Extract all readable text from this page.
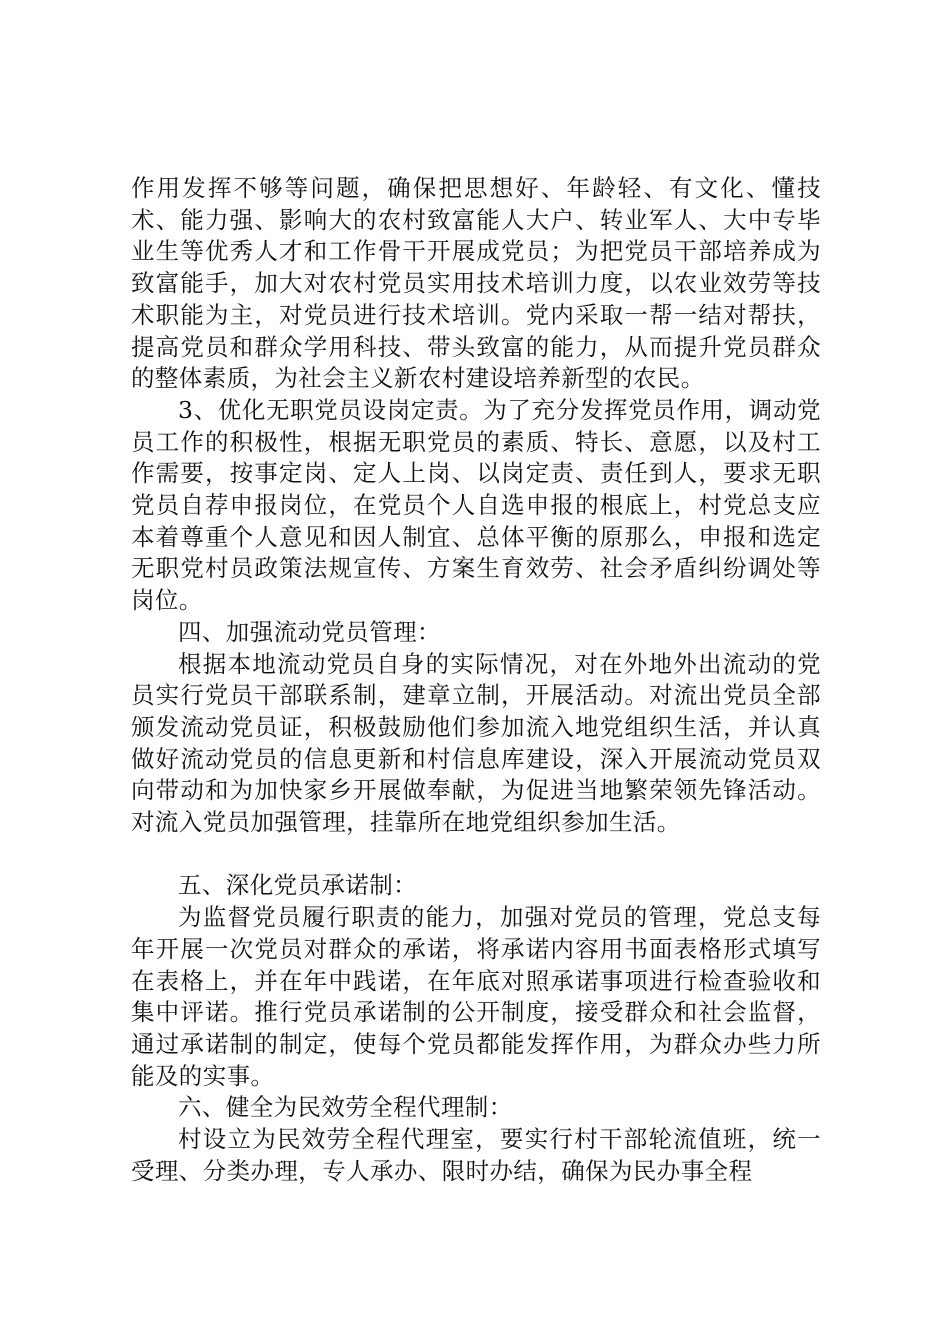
作用发挥不够等问题，确保把思想好、年龄轻、有文化、懂技术、能力强、影响大的农村致富能人大户、转业军人、大中专毕业生等优秀人才和工作骨干开展成党员；为把党员干部培养成为致富能手，加大对农村党员实用技术培训力度，以农业效劳等技术职能为主，对党员进行技术培训。党内采取一帮一结对帮扶，提高党员和群众学用科技、带头致富的能力，从而提升党员群众的整体素质，为社会主义新农村建设培养新型的农民。

3、优化无职党员设岗定责。为了充分发挥党员作用，调动党员工作的积极性，根据无职党员的素质、特长、意愿，以及村工作需要，按事定岗、定人上岗、以岗定责、责任到人，要求无职党员自荐申报岗位，在党员个人自选申报的根底上，村党总支应本着尊重个人意见和因人制宜、总体平衡的原那么，申报和选定无职党村员政策法规宣传、方案生育效劳、社会矛盾纠纷调处等岗位。

四、加强流动党员管理：

根据本地流动党员自身的实际情况，对在外地外出流动的党员实行党员干部联系制，建章立制，开展活动。对流出党员全部颁发流动党员证，积极鼓励他们参加流入地党组织生活，并认真做好流动党员的信息更新和村信息库建设，深入开展流动党员双向带动和为加快家乡开展做奉献，为促进当地繁荣领先锋活动。对流入党员加强管理，挂靠所在地党组织参加生活。

五、深化党员承诺制：

为监督党员履行职责的能力，加强对党员的管理，党总支每年开展一次党员对群众的承诺，将承诺内容用书面表格形式填写在表格上，并在年中践诺，在年底对照承诺事项进行检查验收和集中评诺。推行党员承诺制的公开制度，接受群众和社会监督，通过承诺制的制定，使每个党员都能发挥作用，为群众办些力所能及的实事。

六、健全为民效劳全程代理制：

村设立为民效劳全程代理室，要实行村干部轮流值班，统一受理、分类办理，专人承办、限时办结，确保为民办事全程
